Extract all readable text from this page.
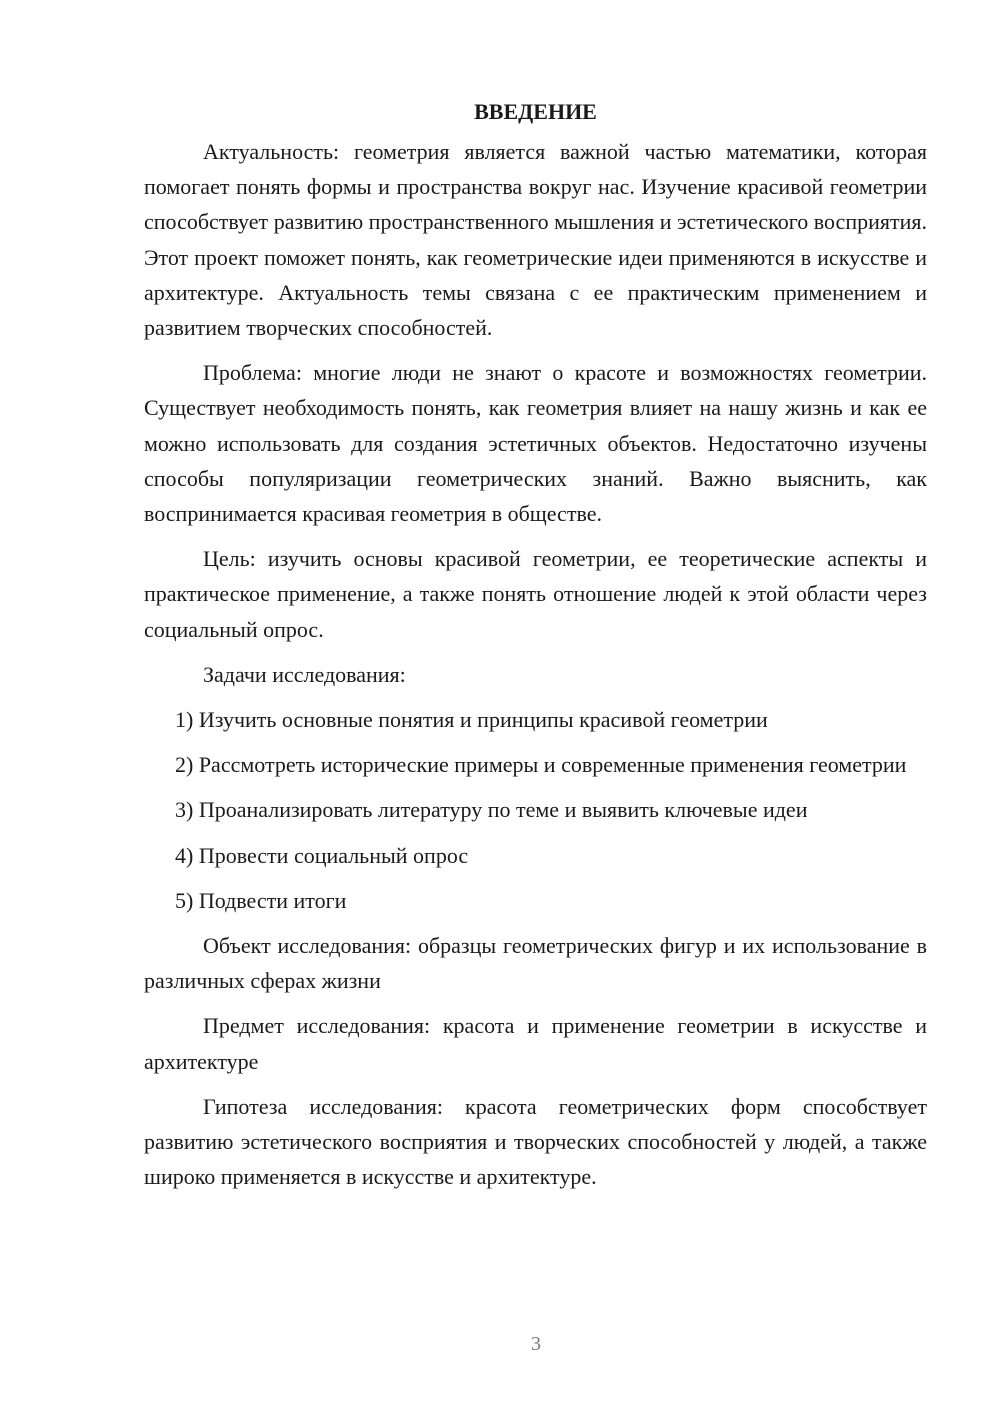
ВВЕДЕНИЕ

Актуальность: геометрия является важной частью математики, которая помогает понять формы и пространства вокруг нас. Изучение красивой геометрии способствует развитию пространственного мышления и эстетического восприятия. Этот проект поможет понять, как геометрические идеи применяются в искусстве и архитектуре. Актуальность темы связана с ее практическим применением и развитием творческих способностей.

Проблема: многие люди не знают о красоте и возможностях геометрии. Существует необходимость понять, как геометрия влияет на нашу жизнь и как ее можно использовать для создания эстетичных объектов. Недостаточно изучены способы популяризации геометрических знаний. Важно выяснить, как воспринимается красивая геометрия в обществе.

Цель: изучить основы красивой геометрии, ее теоретические аспекты и практическое применение, а также понять отношение людей к этой области через социальный опрос.

Задачи исследования:

1) Изучить основные понятия и принципы красивой геометрии

2) Рассмотреть исторические примеры и современные применения геометрии

3) Проанализировать литературу по теме и выявить ключевые идеи

4) Провести социальный опрос

5) Подвести итоги

Объект исследования: образцы геометрических фигур и их использование в различных сферах жизни

Предмет исследования: красота и применение геометрии в искусстве и архитектуре

Гипотеза исследования: красота геометрических форм способствует развитию эстетического восприятия и творческих способностей у людей, а также широко применяется в искусстве и архитектуре.

3
